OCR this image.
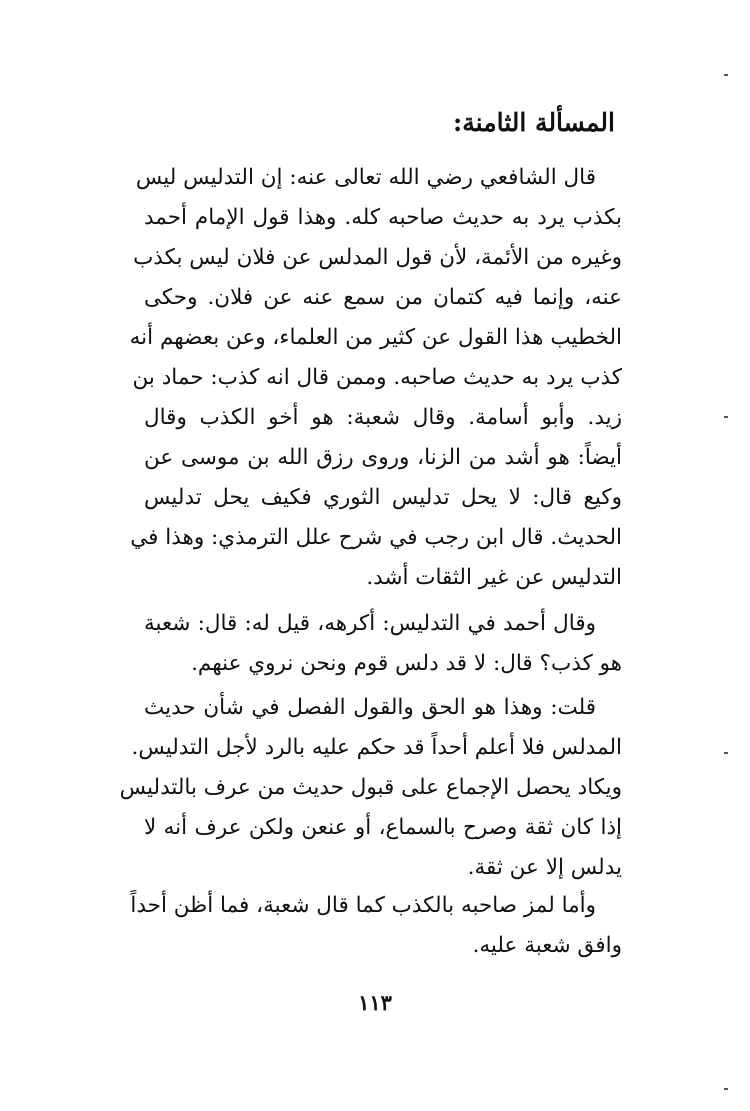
المسألة الثامنة:
قال الشافعي رضي الله تعالى عنه: إن التدليس ليس
بكذب يرد به حديث صاحبه كله. وهذا قول الإمام أحمد
وغيره من الأئمة، لأن قول المدلس عن فلان ليس بكذب
عنه، وإنما فيه كتمان من سمع عنه عن فلان. وحكى
الخطيب هذا القول عن كثير من العلماء، وعن بعضهم أنه
كذب يرد به حديث صاحبه. وممن قال انه كذب: حماد بن
زيد. وأبو أسامة. وقال شعبة: هو أخو الكذب وقال
أيضاً: هو أشد من الزنا، وروى رزق الله بن موسى عن
وكيع قال: لا يحل تدليس الثوري فكيف يحل تدليس
الحديث. قال ابن رجب في شرح علل الترمذي: وهذا في
التدليس عن غير الثقات أشد.
وقال أحمد في التدليس: أكرهه، قيل له: قال: شعبة
هو كذب؟ قال: لا قد دلس قوم ونحن نروي عنهم.
قلت: وهذا هو الحق والقول الفصل في شأن حديث
المدلس فلا أعلم أحداً قد حكم عليه بالرد لأجل التدليس.
ويكاد يحصل الإجماع على قبول حديث من عرف بالتدليس
إذا كان ثقة وصرح بالسماع، أو عنعن ولكن عرف أنه لا
يدلس إلا عن ثقة.
وأما لمز صاحبه بالكذب كما قال شعبة، فما أظن أحداً
وافق شعبة عليه.

١١٣
